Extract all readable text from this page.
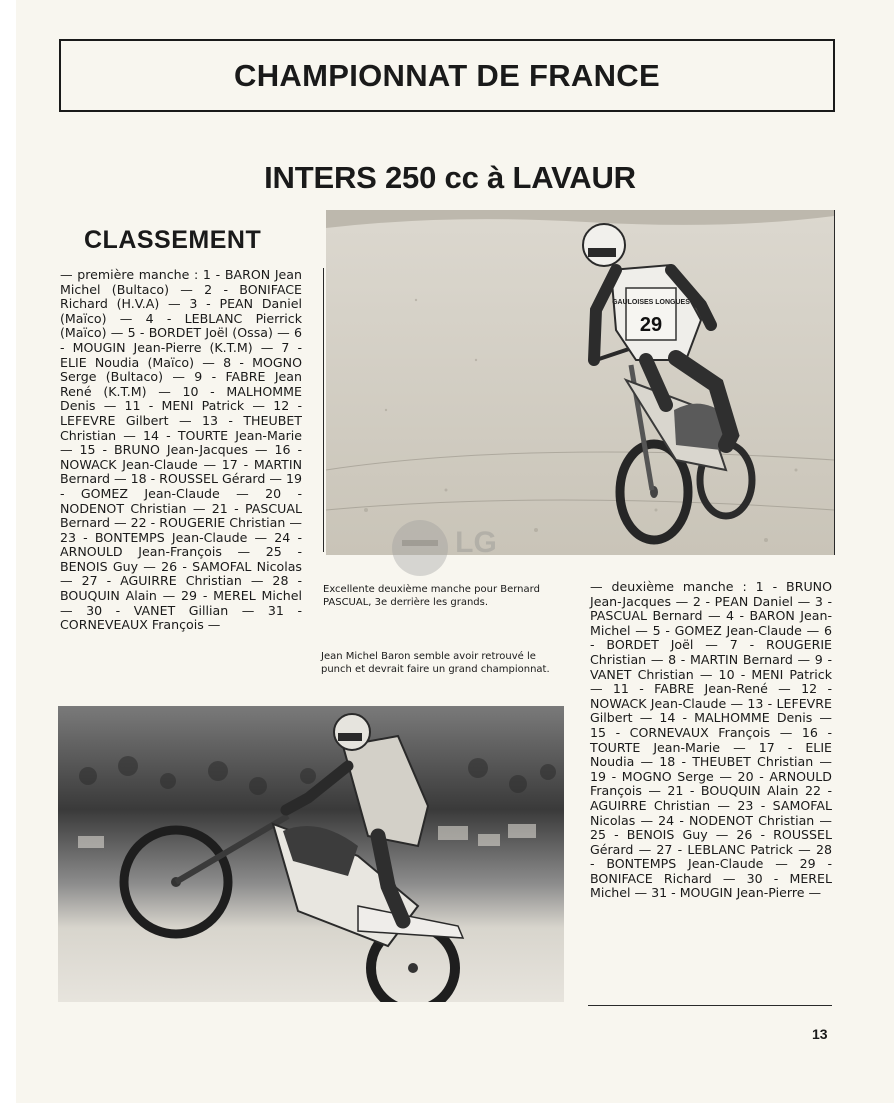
CHAMPIONNAT DE FRANCE
INTERS 250 cc à LAVAUR
CLASSEMENT

— première manche : 1 - BARON Jean Michel (Bultaco) — 2 - BONIFACE Richard (H.V.A) — 3 - PEAN Daniel (Maïco) — 4 - LEBLANC Pierrick (Maïco) — 5 - BORDET Joël (Ossa) — 6 - MOUGIN Jean-Pierre (K.T.M) — 7 - ELIE Noudia (Maïco) — 8 - MOGNO Serge (Bultaco) — 9 - FABRE Jean René (K.T.M) — 10 - MALHOMME Denis — 11 - MENI Patrick — 12 - LEFEVRE Gilbert — 13 - THEUBET Christian — 14 - TOURTE Jean-Marie — 15 - BRUNO Jean-Jacques — 16 - NOWACK Jean-Claude — 17 - MARTIN Bernard — 18 - ROUSSEL Gérard — 19 - GOMEZ Jean-Claude — 20 - NODENOT Christian — 21 - PASCUAL Bernard — 22 - ROUGERIE Christian — 23 - BONTEMPS Jean-Claude — 24 - ARNOULD Jean-François — 25 - BENOIS Guy — 26 - SAMOFAL Nicolas — 27 - AGUIRRE Christian — 28 - BOUQUIN Alain — 29 - MEREL Michel — 30 - VANET Gillian — 31 - CORNEVEAUX François —

GAULOISES LONGUES
29
LG

Excellente deuxième manche pour Bernard PASCUAL, 3e derrière les grands.

Jean Michel Baron semble avoir retrouvé le punch et devrait faire un grand championnat.

— deuxième manche : 1 - BRUNO Jean-Jacques — 2 - PEAN Daniel — 3 - PASCUAL Bernard — 4 - BARON Jean-Michel — 5 - GOMEZ Jean-Claude — 6 - BORDET Joël — 7 - ROUGERIE Christian — 8 - MARTIN Bernard — 9 - VANET Christian — 10 - MENI Patrick — 11 - FABRE Jean-René — 12 - NOWACK Jean-Claude — 13 - LEFEVRE Gilbert — 14 - MALHOMME Denis — 15 - CORNEVAUX François — 16 - TOURTE Jean-Marie — 17 - ELIE Noudia — 18 - THEUBET Christian — 19 - MOGNO Serge — 20 - ARNOULD François — 21 - BOUQUIN Alain 22 - AGUIRRE Christian — 23 - SAMOFAL Nicolas — 24 - NODENOT Christian — 25 - BENOIS Guy — 26 - ROUSSEL Gérard — 27 - LEBLANC Patrick — 28 - BONTEMPS Jean-Claude — 29 - BONIFACE Richard — 30 - MEREL Michel — 31 - MOUGIN Jean-Pierre —

13
